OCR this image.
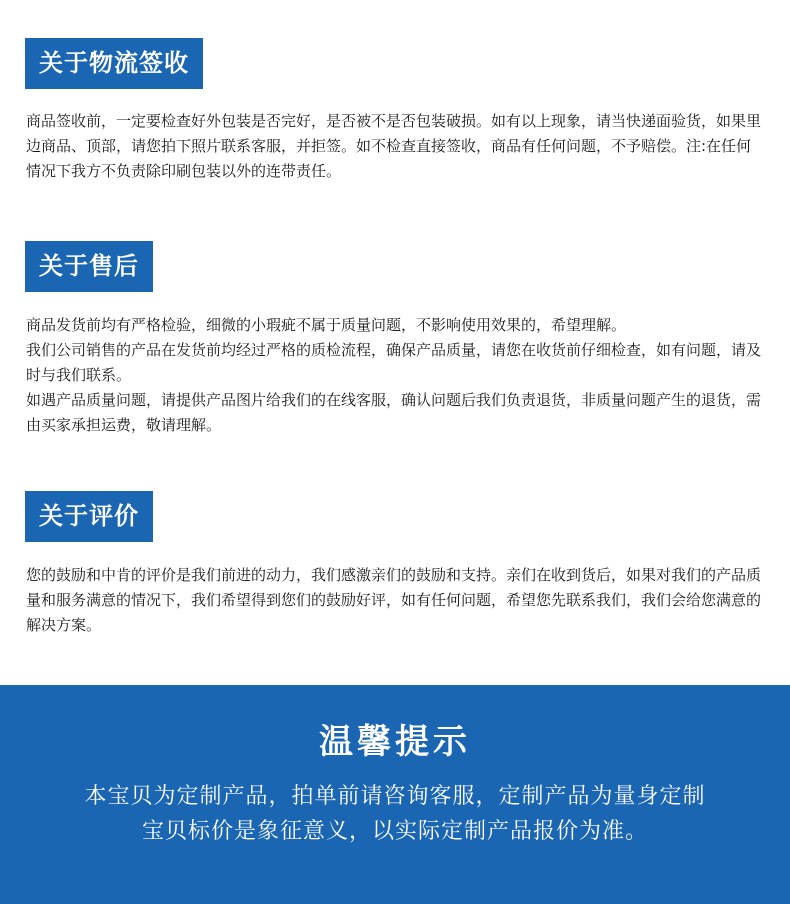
关于物流签收

商品签收前，一定要检查好外包装是否完好，是否被不是否包装破损。如有以上现象，请当快递面验货，如果里边商品、顶部，请您拍下照片联系客服，并拒签。如不检查直接签收，商品有任何问题，不予赔偿。注:在任何情况下我方不负责除印刷包装以外的连带责任。

关于售后

商品发货前均有严格检验，细微的小瑕疵不属于质量问题，不影响使用效果的，希望理解。

我们公司销售的产品在发货前均经过严格的质检流程，确保产品质量，请您在收货前仔细检查，如有问题，请及时与我们联系。

如遇产品质量问题，请提供产品图片给我们的在线客服，确认问题后我们负责退货，非质量问题产生的退货，需由买家承担运费，敬请理解。

关于评价

您的鼓励和中肯的评价是我们前进的动力，我们感激亲们的鼓励和支持。亲们在收到货后，如果对我们的产品质量和服务满意的情况下，我们希望得到您们的鼓励好评，如有任何问题，希望您先联系我们，我们会给您满意的解决方案。

温馨提示
本宝贝为定制产品，拍单前请咨询客服，定制产品为量身定制
宝贝标价是象征意义，以实际定制产品报价为准。
